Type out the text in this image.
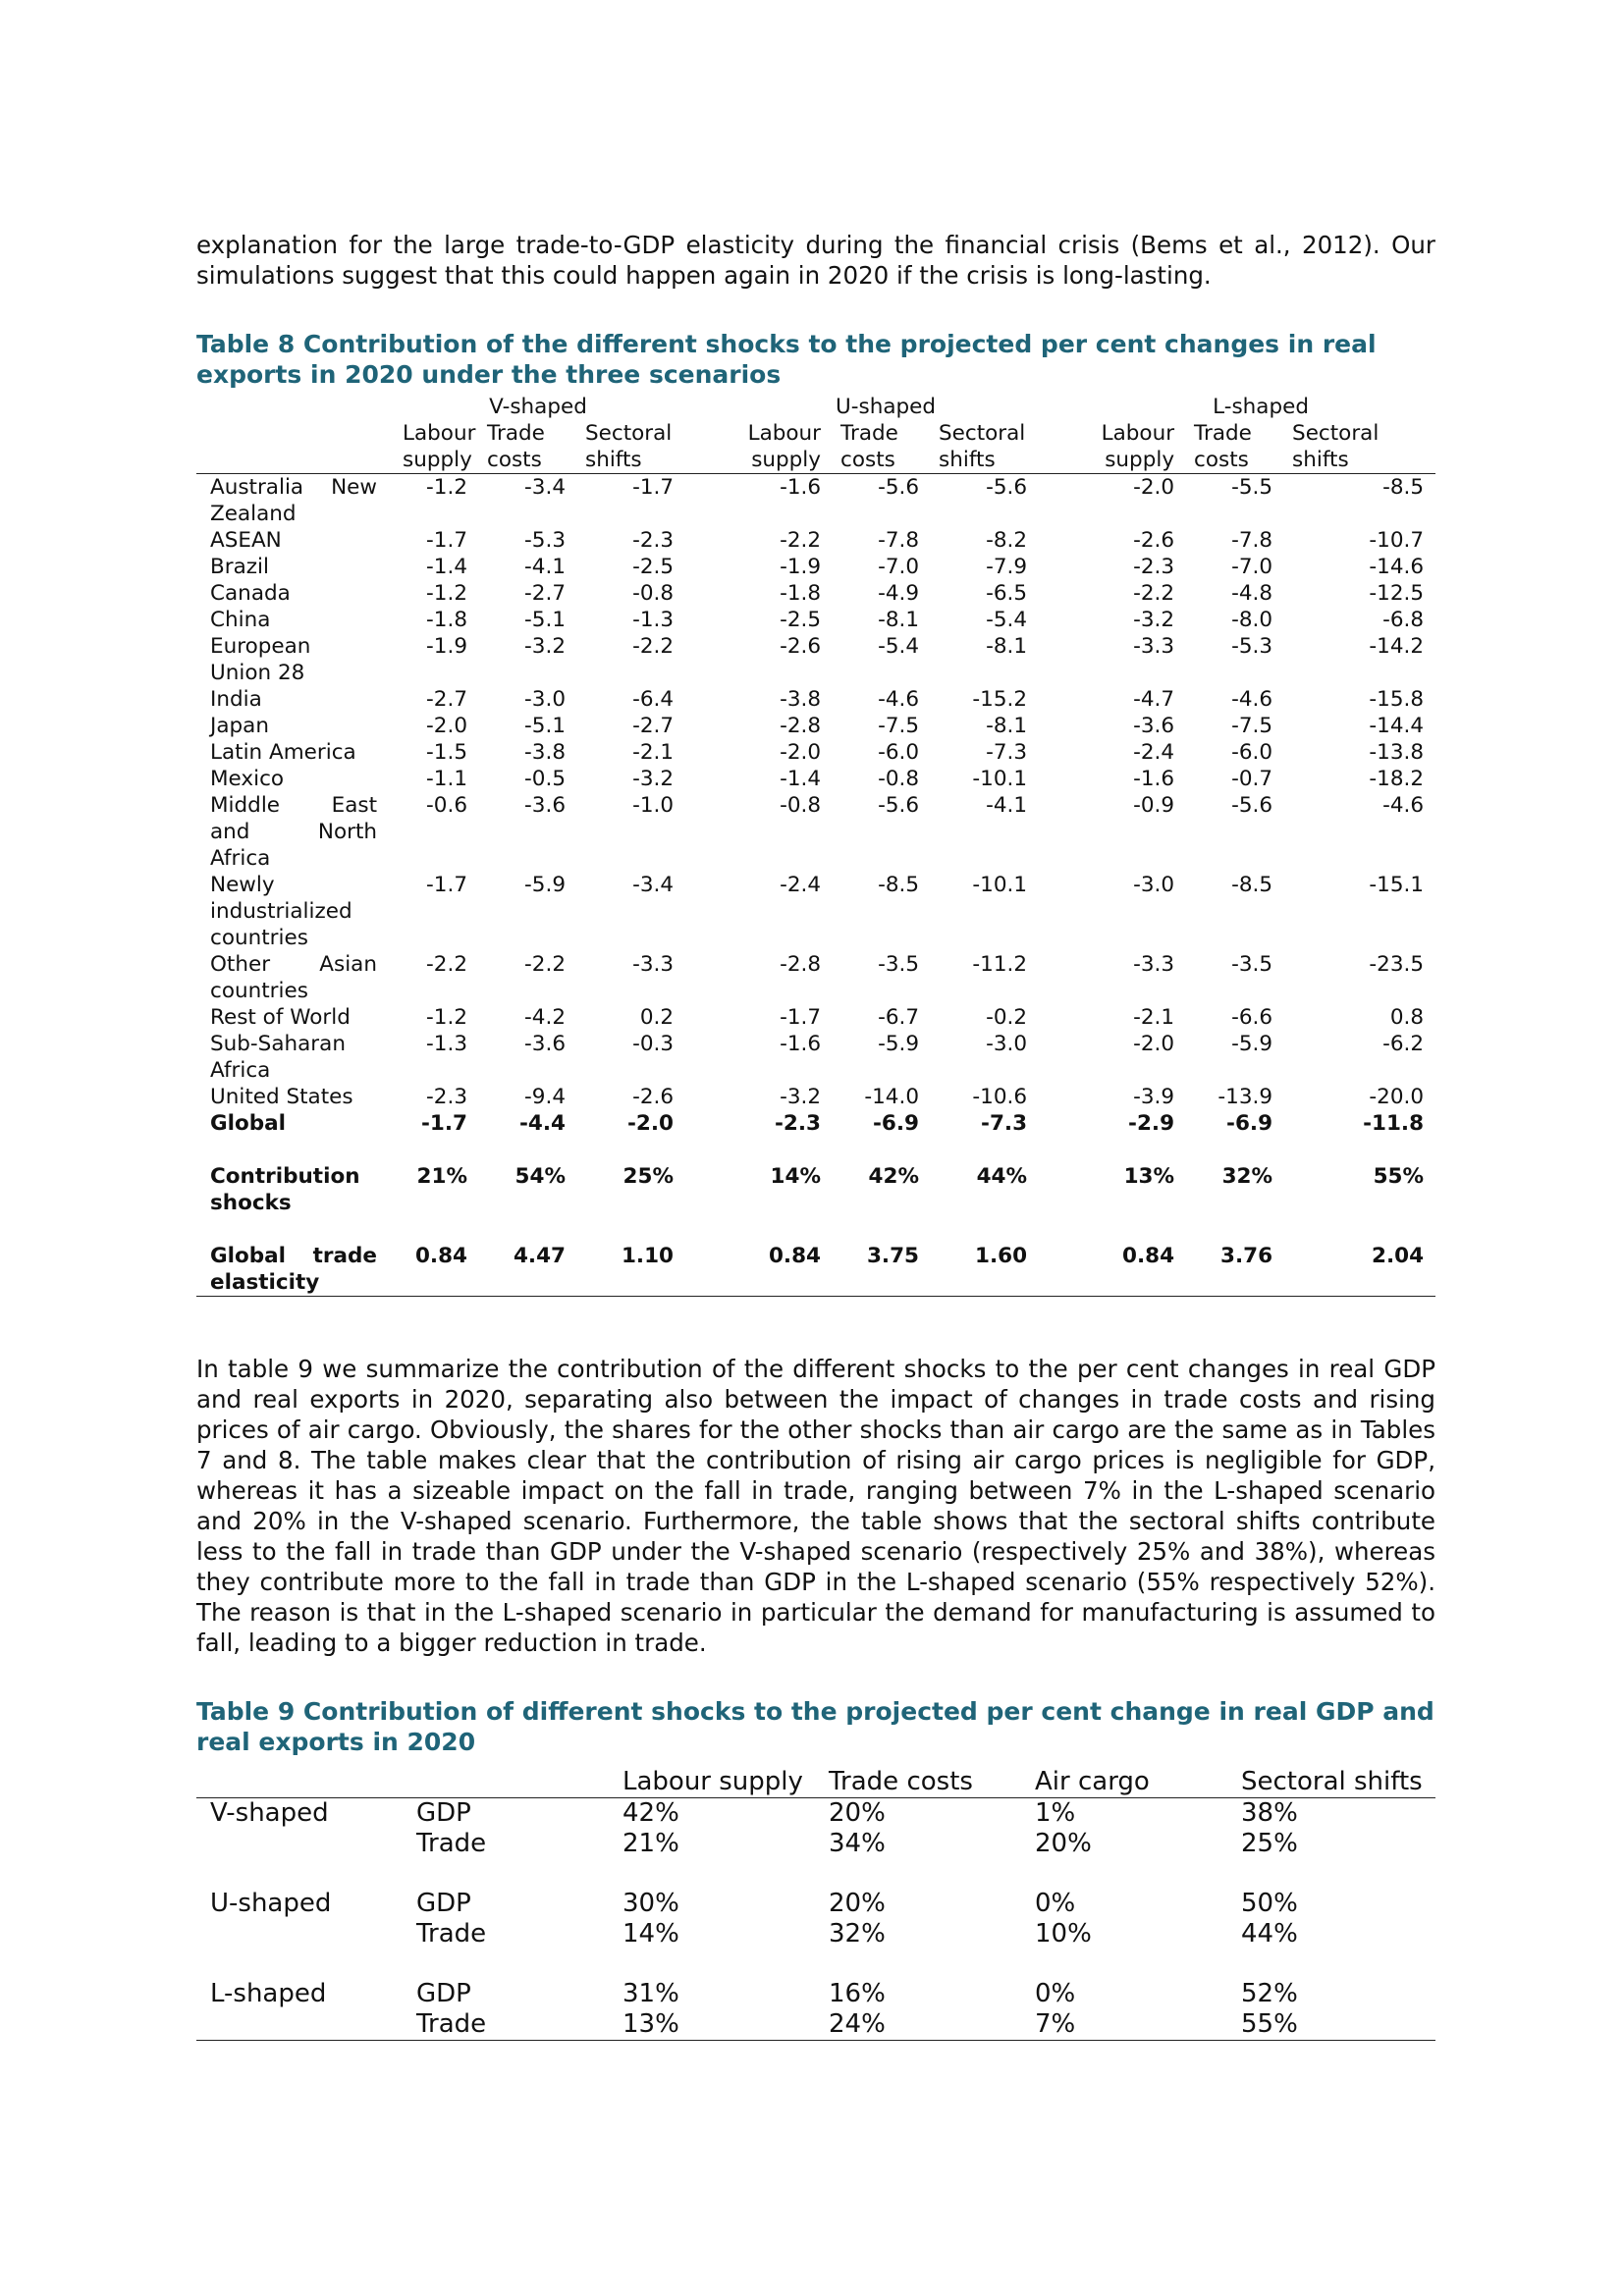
explanation for the large trade-to-GDP elasticity during the financial crisis (Bems et al., 2012). Our simulations suggest that this could happen again in 2020 if the crisis is long-lasting.

Table 8 Contribution of the different shocks to the projected per cent changes in real exports in 2020 under the three scenarios
	V-shaped			U-shaped			L-shaped		
	Labour	Trade	Sectoral	Labour	Trade	Sectoral	Labour	Trade	Sectoral
	supply	costs	shifts	supply	costs	shifts	supply	costs	shifts
Australia New Zealand	-1.2	-3.4	-1.7	-1.6	-5.6	-5.6	-2.0	-5.5	-8.5
ASEAN	-1.7	-5.3	-2.3	-2.2	-7.8	-8.2	-2.6	-7.8	-10.7
Brazil	-1.4	-4.1	-2.5	-1.9	-7.0	-7.9	-2.3	-7.0	-14.6
Canada	-1.2	-2.7	-0.8	-1.8	-4.9	-6.5	-2.2	-4.8	-12.5
China	-1.8	-5.1	-1.3	-2.5	-8.1	-5.4	-3.2	-8.0	-6.8
European Union 28	-1.9	-3.2	-2.2	-2.6	-5.4	-8.1	-3.3	-5.3	-14.2
India	-2.7	-3.0	-6.4	-3.8	-4.6	-15.2	-4.7	-4.6	-15.8
Japan	-2.0	-5.1	-2.7	-2.8	-7.5	-8.1	-3.6	-7.5	-14.4
Latin America	-1.5	-3.8	-2.1	-2.0	-6.0	-7.3	-2.4	-6.0	-13.8
Mexico	-1.1	-0.5	-3.2	-1.4	-0.8	-10.1	-1.6	-0.7	-18.2
Middle East and North Africa	-0.6	-3.6	-1.0	-0.8	-5.6	-4.1	-0.9	-5.6	-4.6
Newly industrialized countries	-1.7	-5.9	-3.4	-2.4	-8.5	-10.1	-3.0	-8.5	-15.1
Other Asian countries	-2.2	-2.2	-3.3	-2.8	-3.5	-11.2	-3.3	-3.5	-23.5
Rest of World	-1.2	-4.2	0.2	-1.7	-6.7	-0.2	-2.1	-6.6	0.8
Sub-Saharan Africa	-1.3	-3.6	-0.3	-1.6	-5.9	-3.0	-2.0	-5.9	-6.2
United States	-2.3	-9.4	-2.6	-3.2	-14.0	-10.6	-3.9	-13.9	-20.0
Global	-1.7	-4.4	-2.0	-2.3	-6.9	-7.3	-2.9	-6.9	-11.8
Contribution shocks	21%	54%	25%	14%	42%	44%	13%	32%	55%
Global trade elasticity	0.84	4.47	1.10	0.84	3.75	1.60	0.84	3.76	2.04

In table 9 we summarize the contribution of the different shocks to the per cent changes in real GDP and real exports in 2020, separating also between the impact of changes in trade costs and rising prices of air cargo. Obviously, the shares for the other shocks than air cargo are the same as in Tables 7 and 8. The table makes clear that the contribution of rising air cargo prices is negligible for GDP, whereas it has a sizeable impact on the fall in trade, ranging between 7% in the L-shaped scenario and 20% in the V-shaped scenario. Furthermore, the table shows that the sectoral shifts contribute less to the fall in trade than GDP under the V-shaped scenario (respectively 25% and 38%), whereas they contribute more to the fall in trade than GDP in the L-shaped scenario (55% respectively 52%). The reason is that in the L-shaped scenario in particular the demand for manufacturing is assumed to fall, leading to a bigger reduction in trade.

Table 9 Contribution of different shocks to the projected per cent change in real GDP and real exports in 2020
		Labour supply	Trade costs	Air cargo	Sectoral shifts
V-shaped	GDP	42%	20%	1%	38%
	Trade	21%	34%	20%	25%
U-shaped	GDP	30%	20%	0%	50%
	Trade	14%	32%	10%	44%
L-shaped	GDP	31%	16%	0%	52%
	Trade	13%	24%	7%	55%
